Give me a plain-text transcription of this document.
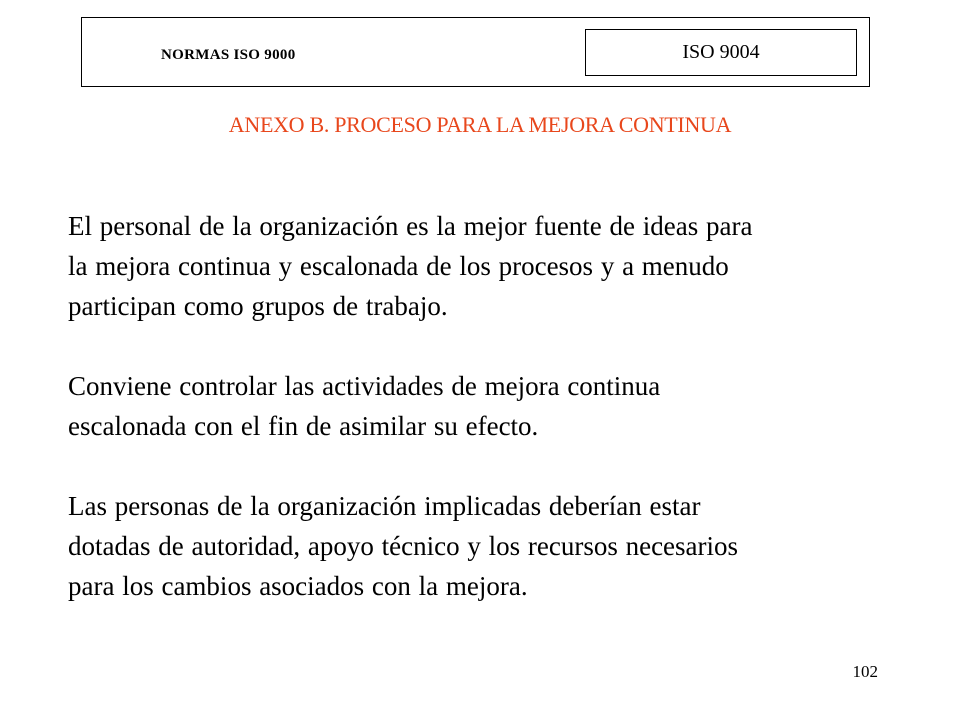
NORMAS ISO 9000	ISO 9004
ANEXO B. PROCESO PARA LA MEJORA CONTINUA

El personal de la organización es la mejor fuente de ideas para
la mejora continua y escalonada de los procesos y a menudo
participan como grupos de trabajo.

Conviene controlar las actividades de mejora continua
escalonada con el fin de asimilar su efecto.

Las personas de la organización implicadas deberían estar
dotadas de autoridad, apoyo técnico y los recursos necesarios
para los cambios asociados con la mejora.

102
